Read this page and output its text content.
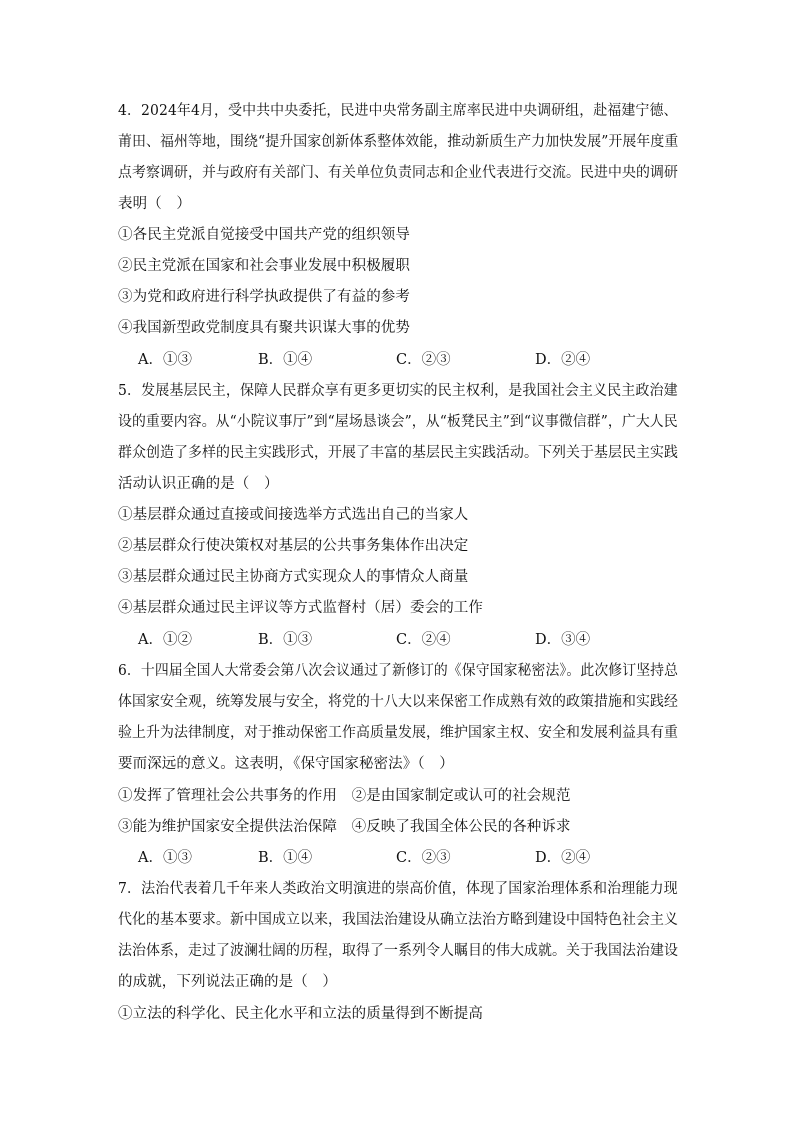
4．2024年4月，受中共中央委托，民进中央常务副主席率民进中央调研组，赴福建宁德、
莆田、福州等地，围绕“提升国家创新体系整体效能，推动新质生产力加快发展”开展年度重
点考察调研，并与政府有关部门、有关单位负责同志和企业代表进行交流。民进中央的调研
表明（　）
①各民主党派自觉接受中国共产党的组织领导
②民主党派在国家和社会事业发展中积极履职
③为党和政府进行科学执政提供了有益的参考
④我国新型政党制度具有聚共识谋大事的优势
A．①③	B．①④	C．②③	D．②④
5．发展基层民主，保障人民群众享有更多更切实的民主权利，是我国社会主义民主政治建
设的重要内容。从“小院议事厅”到“屋场恳谈会”，从“板凳民主”到“议事微信群”，广大人民
群众创造了多样的民主实践形式，开展了丰富的基层民主实践活动。下列关于基层民主实践
活动认识正确的是（　）
①基层群众通过直接或间接选举方式选出自己的当家人
②基层群众行使决策权对基层的公共事务集体作出决定
③基层群众通过民主协商方式实现众人的事情众人商量
④基层群众通过民主评议等方式监督村（居）委会的工作
A．①②	B．①③	C．②④	D．③④
6．十四届全国人大常委会第八次会议通过了新修订的《保守国家秘密法》。此次修订坚持总
体国家安全观，统筹发展与安全，将党的十八大以来保密工作成熟有效的政策措施和实践经
验上升为法律制度，对于推动保密工作高质量发展，维护国家主权、安全和发展利益具有重
要而深远的意义。这表明，《保守国家秘密法》（　）
①发挥了管理社会公共事务的作用　②是由国家制定或认可的社会规范
③能为维护国家安全提供法治保障　④反映了我国全体公民的各种诉求
A．①③	B．①④	C．②③	D．②④
7．法治代表着几千年来人类政治文明演进的崇高价值，体现了国家治理体系和治理能力现
代化的基本要求。新中国成立以来，我国法治建设从确立法治方略到建设中国特色社会主义
法治体系，走过了波澜壮阔的历程，取得了一系列令人瞩目的伟大成就。关于我国法治建设
的成就，下列说法正确的是（　）
①立法的科学化、民主化水平和立法的质量得到不断提高
